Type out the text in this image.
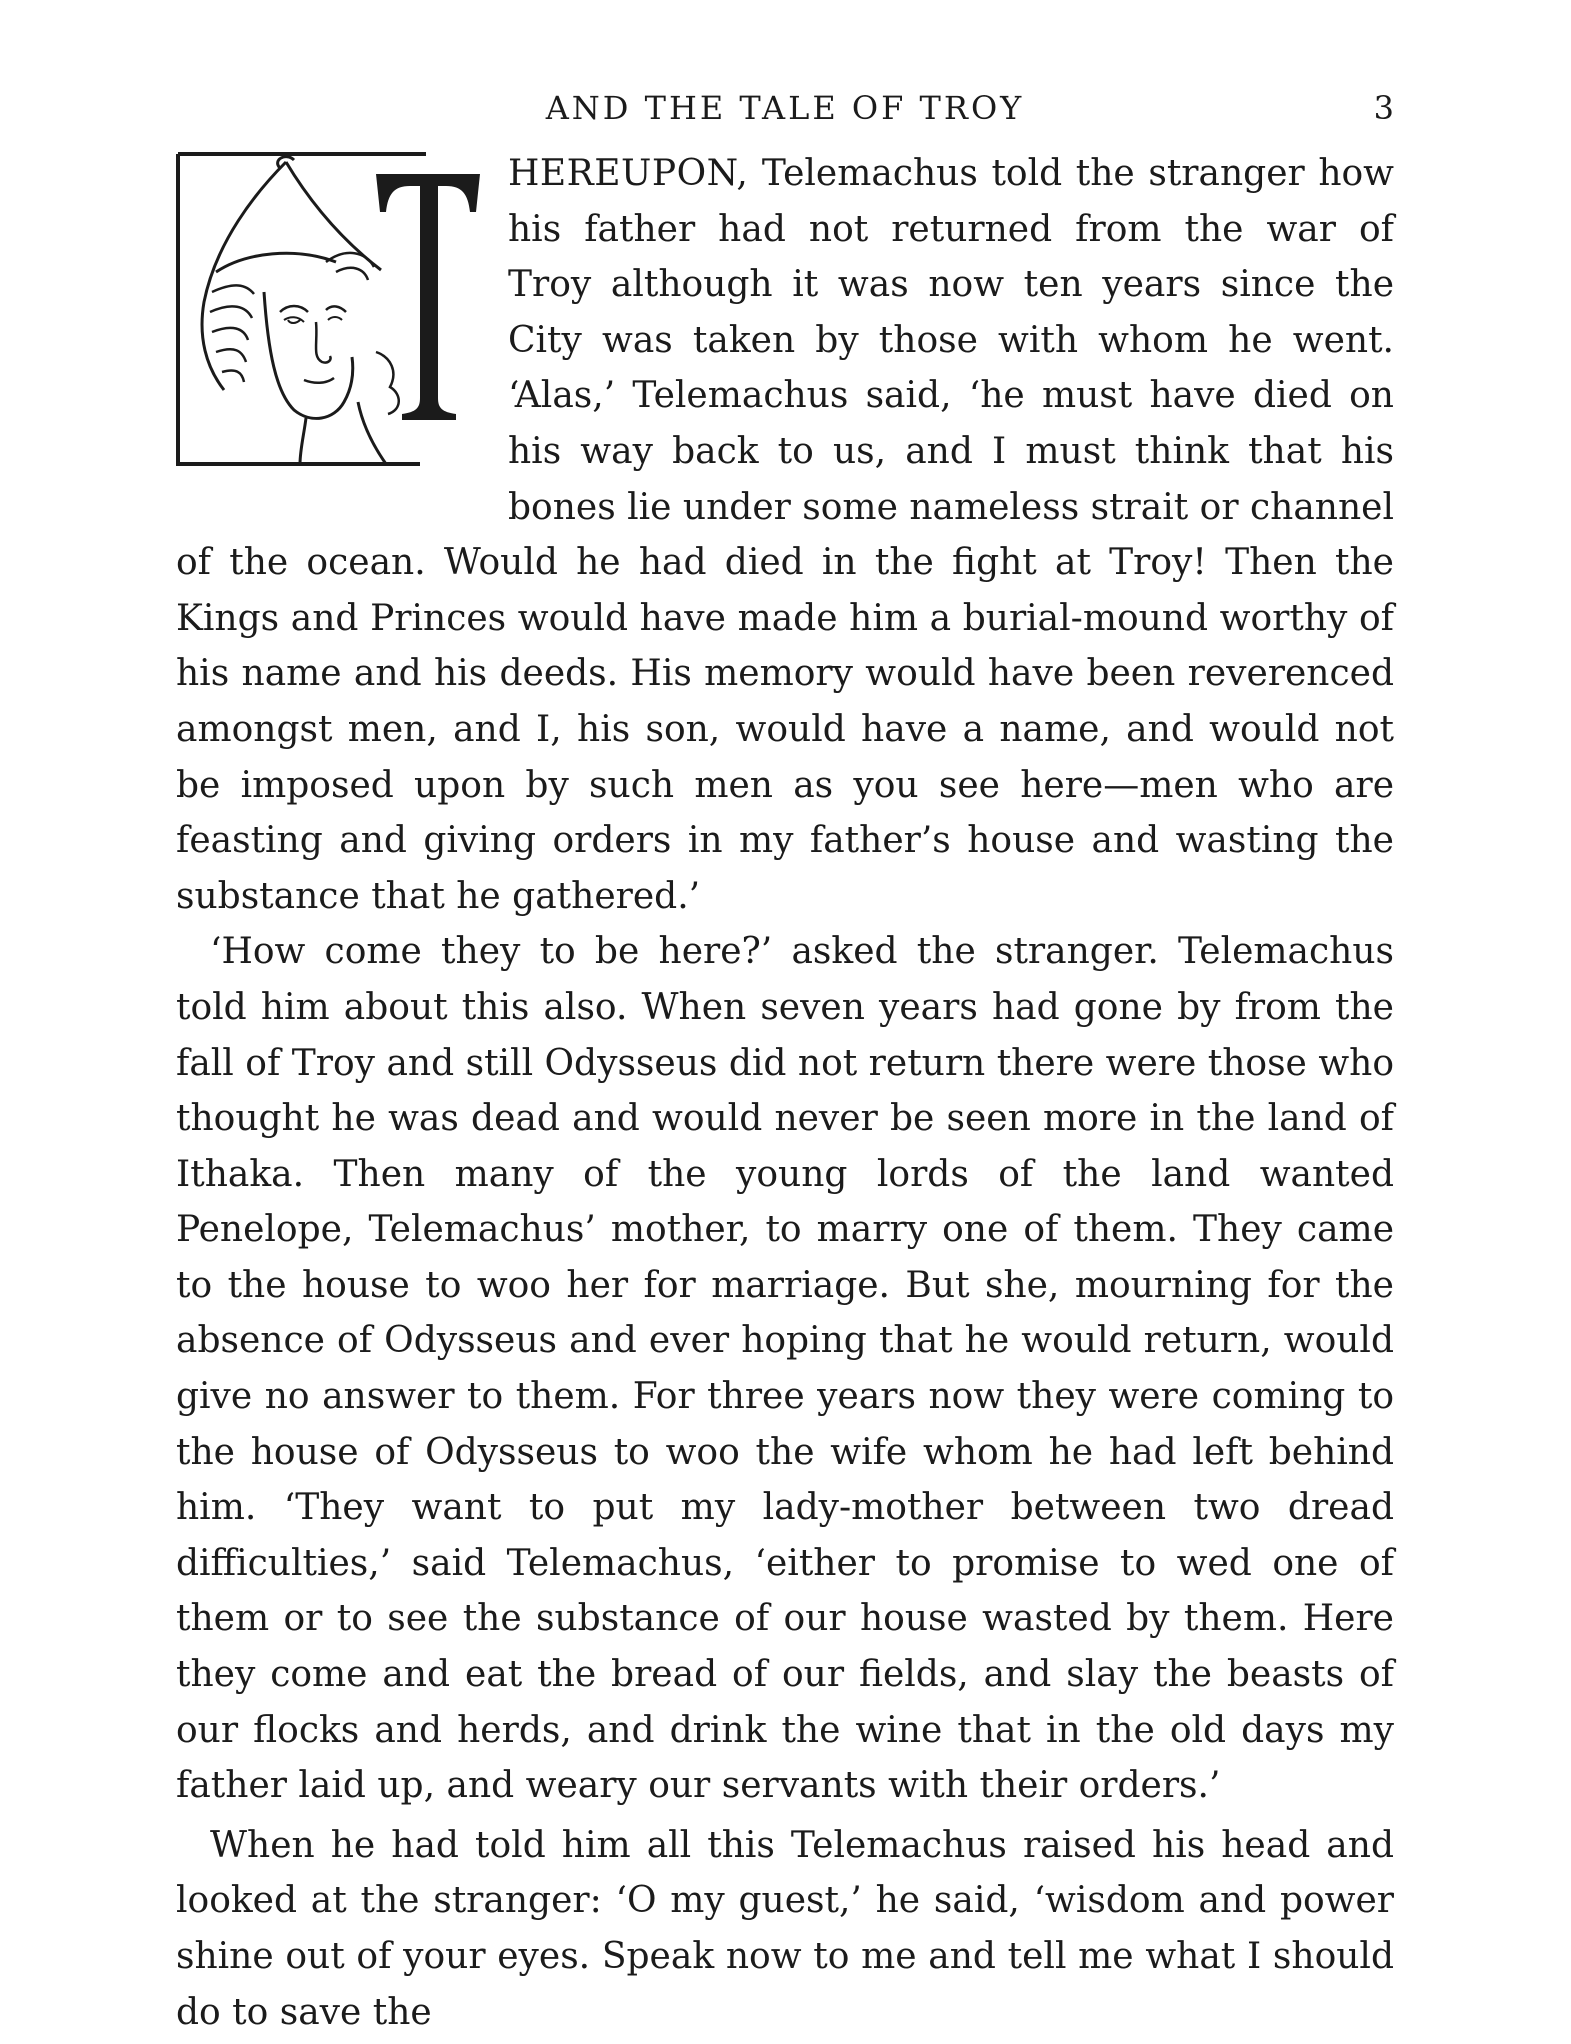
AND THE TALE OF TROY	3

HEREUPON, Telemachus told the stranger how his father had not returned from the war of Troy although it was now ten years since the City was taken by those with whom he went. ‘Alas,’ Telemachus said, ‘he must have died on his way back to us, and I must think that his bones lie under some nameless strait or channel of the ocean. Would he had died in the fight at Troy! Then the Kings and Princes would have made him a burial-mound worthy of his name and his deeds. His memory would have been reverenced amongst men, and I, his son, would have a name, and would not be imposed upon by such men as you see here—men who are feasting and giving orders in my father’s house and wasting the substance that he gathered.’

‘How come they to be here?’ asked the stranger. Telemachus told him about this also. When seven years had gone by from the fall of Troy and still Odysseus did not return there were those who thought he was dead and would never be seen more in the land of Ithaka. Then many of the young lords of the land wanted Penelope, Telemachus’ mother, to marry one of them. They came to the house to woo her for marriage. But she, mourning for the absence of Odysseus and ever hoping that he would return, would give no answer to them. For three years now they were coming to the house of Odysseus to woo the wife whom he had left behind him. ‘They want to put my lady-mother between two dread difficulties,’ said Telemachus, ‘either to promise to wed one of them or to see the substance of our house wasted by them. Here they come and eat the bread of our fields, and slay the beasts of our flocks and herds, and drink the wine that in the old days my father laid up, and weary our servants with their orders.’

When he had told him all this Telemachus raised his head and looked at the stranger: ‘O my guest,’ he said, ‘wisdom and power shine out of your eyes. Speak now to me and tell me what I should do to save the
